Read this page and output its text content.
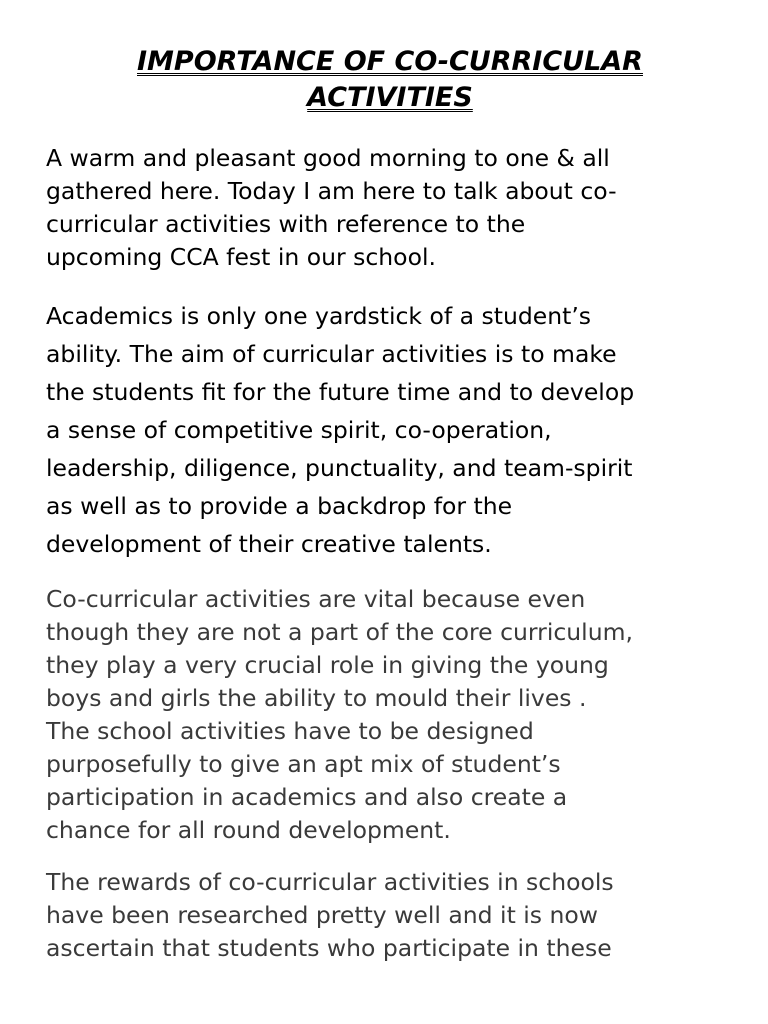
IMPORTANCE OF CO-CURRICULAR
ACTIVITIES

A warm and pleasant good morning to one & all
gathered here. Today I am here to talk about co-
curricular activities with reference to the
upcoming CCA fest in our school.

Academics is only one yardstick of a student’s
ability. The aim of curricular activities is to make
the students fit for the future time and to develop
a sense of competitive spirit, co-operation,
leadership, diligence, punctuality, and team-spirit
as well as to provide a backdrop for the
development of their creative talents.

Co-curricular activities are vital because even
though they are not a part of the core curriculum,
they play a very crucial role in giving the young
boys and girls the ability to mould their lives .
The school activities have to be designed
purposefully to give an apt mix of student’s
participation in academics and also create a
chance for all round development.

The rewards of co-curricular activities in schools
have been researched pretty well and it is now
ascertain that students who participate in these
